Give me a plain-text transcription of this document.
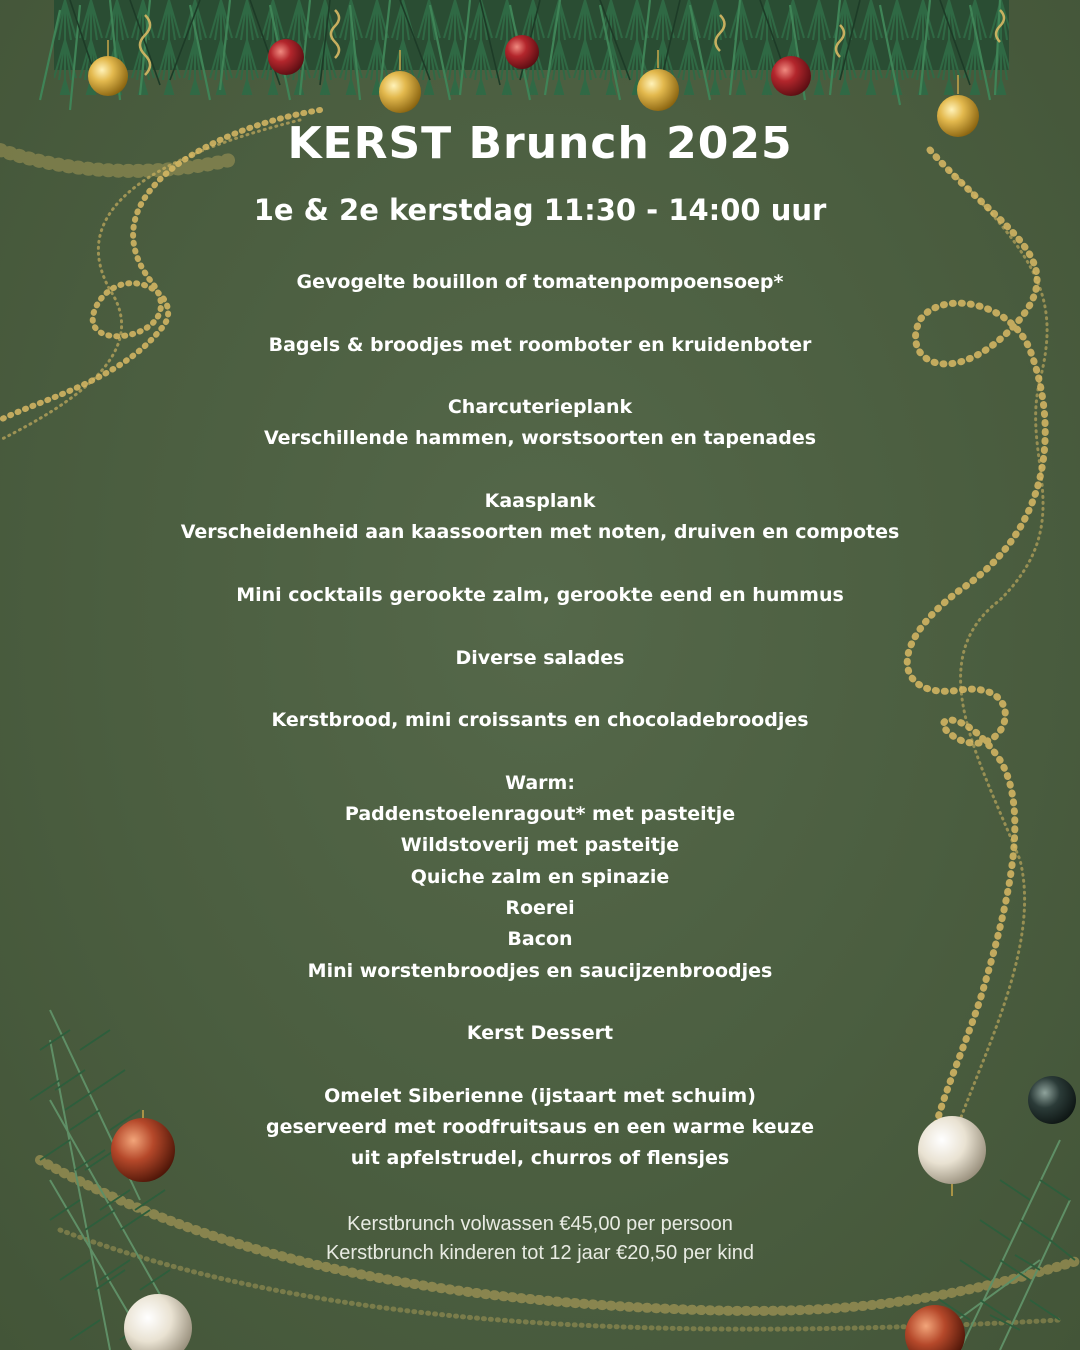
KERST Brunch 2025
1e & 2e kerstdag 11:30 - 14:00 uur
Gevogelte bouillon of tomatenpompoensoep*
Bagels & broodjes met roomboter en kruidenboter
Charcuterieplank
Verschillende hammen, worstsoorten en tapenades
Kaasplank
Verscheidenheid aan kaassoorten met noten, druiven en compotes
Mini cocktails gerookte zalm, gerookte eend en hummus
Diverse salades
Kerstbrood, mini croissants en chocoladebroodjes
Warm:
Paddenstoelenragout* met pasteitje
Wildstoverij met pasteitje
Quiche zalm en spinazie
Roerei
Bacon
Mini worstenbroodjes en saucijzenbroodjes
Kerst Dessert
Omelet Siberienne (ijstaart met schuim)
geserveerd met roodfruitsaus en een warme keuze
uit apfelstrudel, churros of flensjes
Kerstbrunch volwassen €45,00 per persoon
Kerstbrunch kinderen tot 12 jaar €20,50 per kind
